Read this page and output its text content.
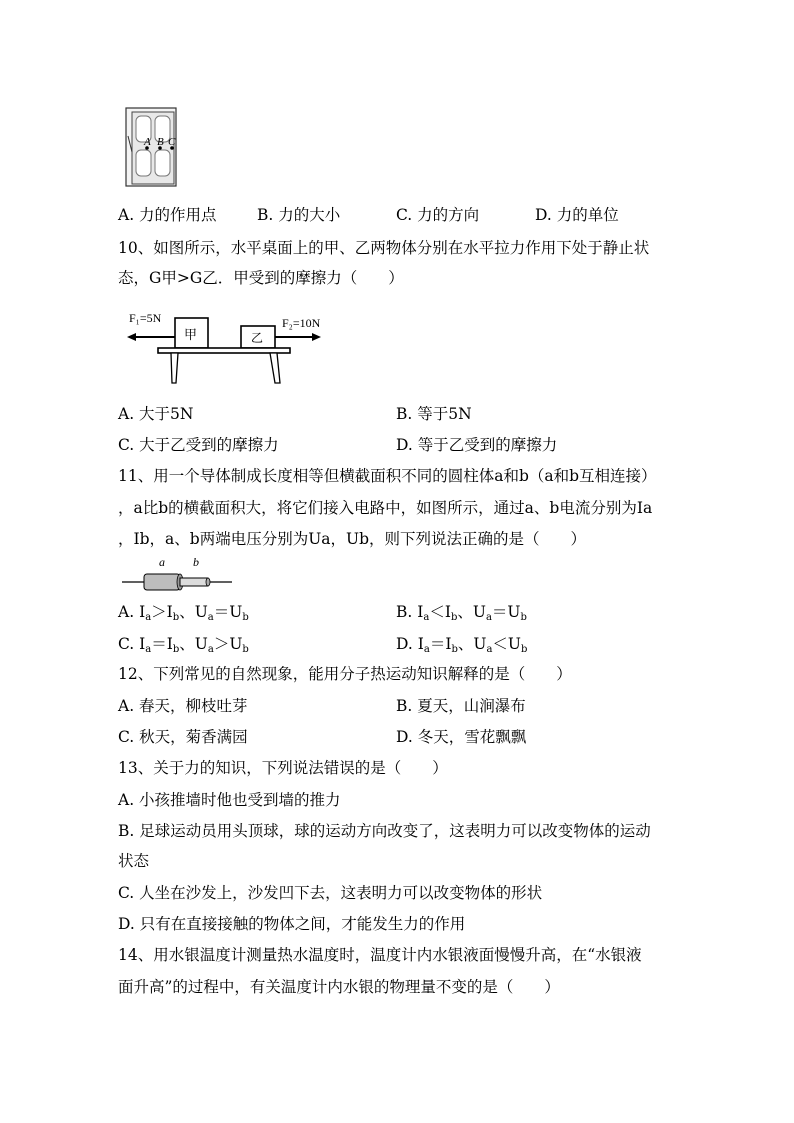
A B C
A. 力的作用点	B. 力的大小	C. 力的方向	D. 力的单位
10、如图所示，水平桌面上的甲、乙两物体分别在水平拉力作用下处于静止状
态，G甲>G乙．甲受到的摩擦力（　　）
F₁=5N	F₂=10N
甲	乙
A. 大于5N	B. 等于5N
C. 大于乙受到的摩擦力	D. 等于乙受到的摩擦力
11、用一个导体制成长度相等但横截面积不同的圆柱体a和b（a和b互相连接）
，a比b的横截面积大，将它们接入电路中，如图所示，通过a、b电流分别为Ia
，Ib，a、b两端电压分别为Ua，Ub，则下列说法正确的是（　　）
a b
A. $I_a>I_b$、$U_a=U_b$	B. $I_a<I_b$、$U_a=U_b$
C. $I_a=I_b$、$U_a>U_b$	D. $I_a=I_b$、$U_a<U_b$
12、下列常见的自然现象，能用分子热运动知识解释的是（　　）
A. 春天，柳枝吐芽	B. 夏天，山涧瀑布
C. 秋天，菊香满园	D. 冬天，雪花飘飘
13、关于力的知识，下列说法错误的是（　　）
A. 小孩推墙时他也受到墙的推力
B. 足球运动员用头顶球，球的运动方向改变了，这表明力可以改变物体的运动
状态
C. 人坐在沙发上，沙发凹下去，这表明力可以改变物体的形状
D. 只有在直接接触的物体之间，才能发生力的作用
14、用水银温度计测量热水温度时，温度计内水银液面慢慢升高，在“水银液
面升高”的过程中，有关温度计内水银的物理量不变的是（　　）
